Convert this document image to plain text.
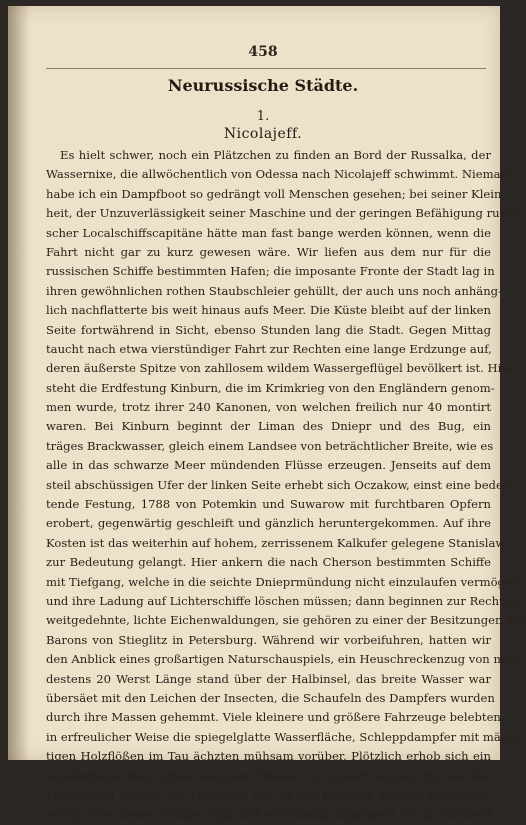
458
Neurussische Städte.
1.
Nicolajeff.
Es hielt schwer, noch ein Plätzchen zu finden an Bord der Russalka, der
Wassernixe, die allwöchentlich von Odessa nach Nicolajeff schwimmt. Niemals
habe ich ein Dampfboot so gedrängt voll Menschen gesehen; bei seiner Klein-
heit, der Unzuverlässigkeit seiner Maschine und der geringen Befähigung russi-
scher Localschiffscapitäne hätte man fast bange werden können, wenn die
Fahrt nicht gar zu kurz gewesen wäre. Wir liefen aus dem nur für die
russischen Schiffe bestimmten Hafen; die imposante Fronte der Stadt lag in
ihren gewöhnlichen rothen Staubschleier gehüllt, der auch uns noch anhäng-
lich nachflatterte bis weit hinaus aufs Meer. Die Küste bleibt auf der linken
Seite fortwährend in Sicht, ebenso Stunden lang die Stadt. Gegen Mittag
taucht nach etwa vierstündiger Fahrt zur Rechten eine lange Erdzunge auf,
deren äußerste Spitze von zahllosem wildem Wassergeflügel bevölkert ist. Hier
steht die Erdfestung Kinburn, die im Krimkrieg von den Engländern genom-
men wurde, trotz ihrer 240 Kanonen, von welchen freilich nur 40 montirt
waren. Bei Kinburn beginnt der Liman des Dniepr und des Bug, ein
träges Brackwasser, gleich einem Landsee von beträchtlicher Breite, wie es
alle in das schwarze Meer mündenden Flüsse erzeugen. Jenseits auf dem
steil abschüssigen Ufer der linken Seite erhebt sich Oczakow, einst eine bedeu-
tende Festung, 1788 von Potemkin und Suwarow mit furchtbaren Opfern
erobert, gegenwärtig geschleift und gänzlich heruntergekommen. Auf ihre
Kosten ist das weiterhin auf hohem, zerrissenem Kalkufer gelegene Stanislaw
zur Bedeutung gelangt. Hier ankern die nach Cherson bestimmten Schiffe
mit Tiefgang, welche in die seichte Dnieprmündung nicht einzulaufen vermögen
und ihre Ladung auf Lichterschiffe löschen müssen; dann beginnen zur Rechten
weitgedehnte, lichte Eichenwaldungen, sie gehören zu einer der Besitzungen des
Barons von Stieglitz in Petersburg. Während wir vorbeifuhren, hatten wir
den Anblick eines großartigen Naturschauspiels, ein Heuschreckenzug von min-
destens 20 Werst Länge stand über der Halbinsel, das breite Wasser war
übersäet mit den Leichen der Insecten, die Schaufeln des Dampfers wurden
durch ihre Massen gehemmt. Viele kleinere und größere Fahrzeuge belebten
in erfreulicher Weise die spiegelglatte Wasserfläche, Schleppdampfer mit mäch-
tigen Holzflößen im Tau ächzten mühsam vorüber. Plötzlich erhob sich ein
wunderbarer Bau mitten aus dem Wasser vor unsern Augen. Es war das
Linienschiff Sinope, ein Fahrzeug, das zu 130 Kanonen gebohrt ist, gegen-
wärtig aber keine einzige trägt und vollständig abgetakelt ist, da Rußland
